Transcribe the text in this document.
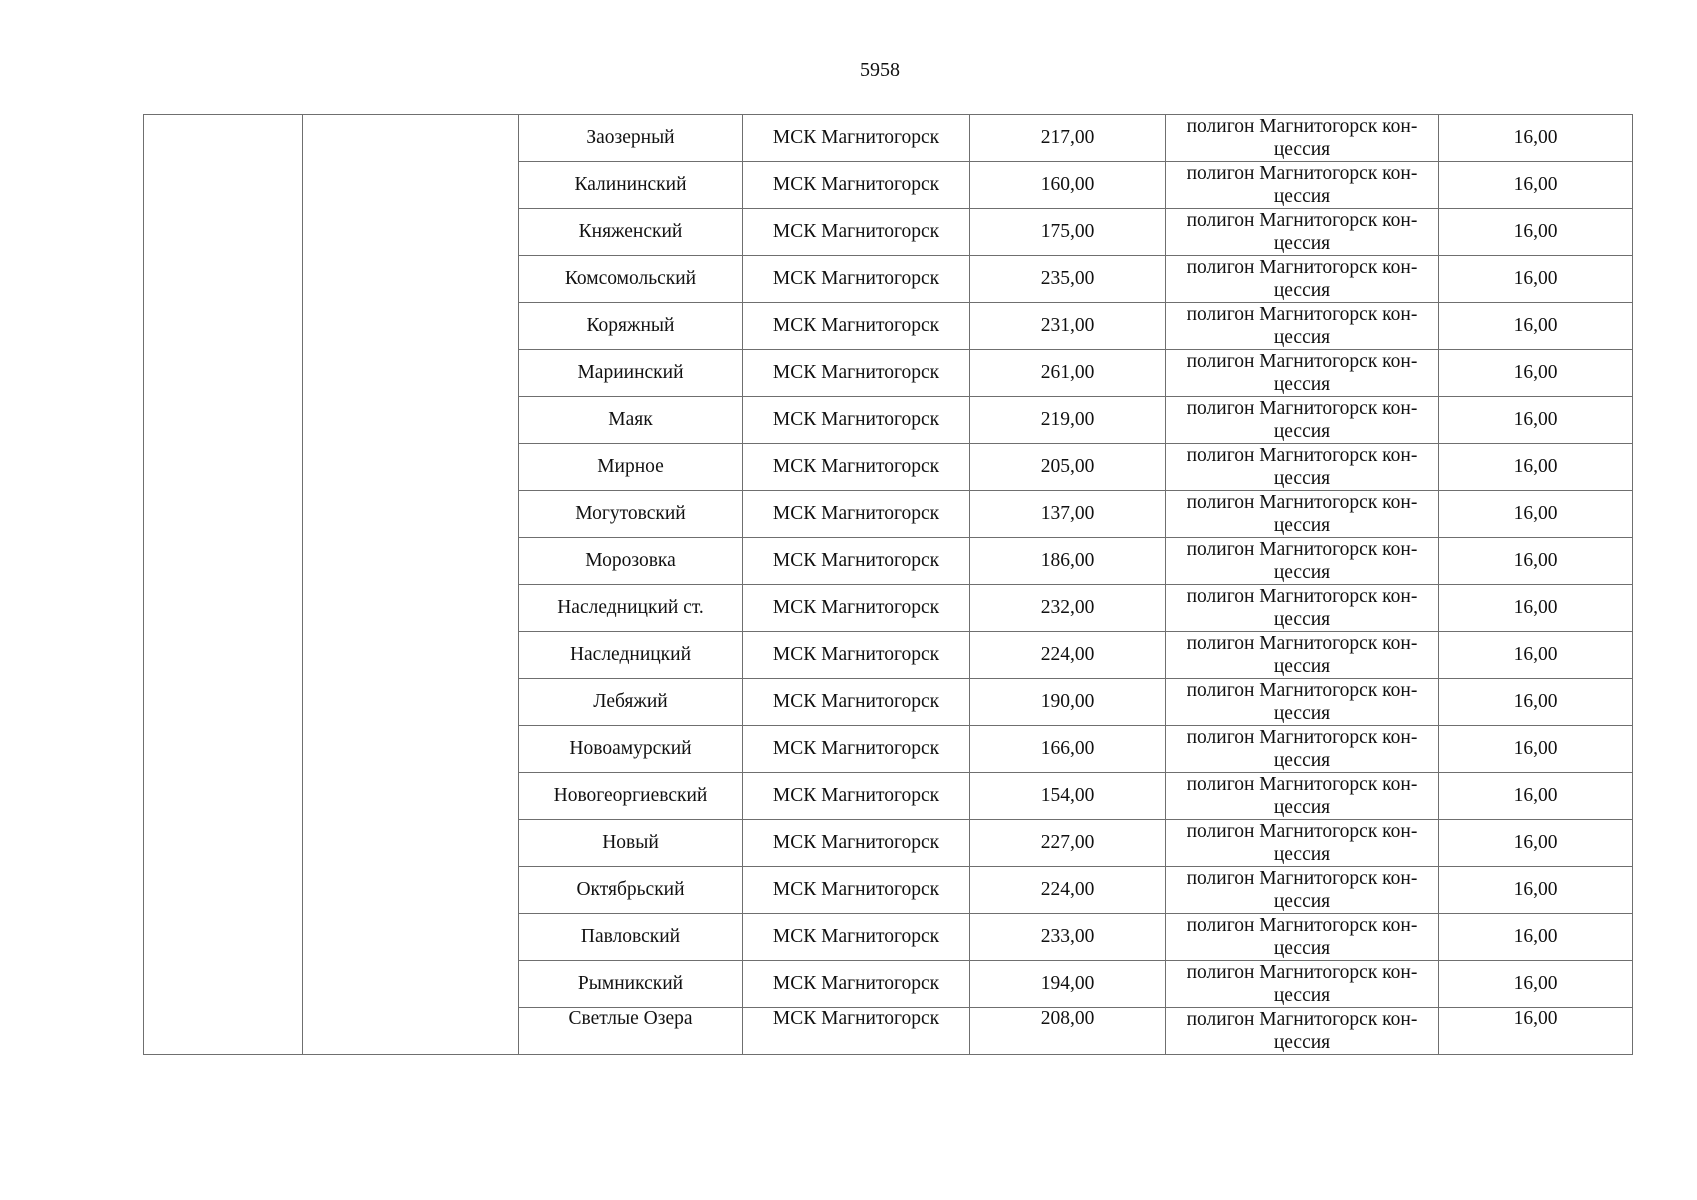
5958
		Заозерный	МСК Магнитогорск	217,00	полигон Магнитогорск кон-цессия	16,00
		Калининский	МСК Магнитогорск	160,00	полигон Магнитогорск кон-цессия	16,00
		Княженский	МСК Магнитогорск	175,00	полигон Магнитогорск кон-цессия	16,00
		Комсомольский	МСК Магнитогорск	235,00	полигон Магнитогорск кон-цессия	16,00
		Коряжный	МСК Магнитогорск	231,00	полигон Магнитогорск кон-цессия	16,00
		Мариинский	МСК Магнитогорск	261,00	полигон Магнитогорск кон-цессия	16,00
		Маяк	МСК Магнитогорск	219,00	полигон Магнитогорск кон-цессия	16,00
		Мирное	МСК Магнитогорск	205,00	полигон Магнитогорск кон-цессия	16,00
		Могутовский	МСК Магнитогорск	137,00	полигон Магнитогорск кон-цессия	16,00
		Морозовка	МСК Магнитогорск	186,00	полигон Магнитогорск кон-цессия	16,00
		Наследницкий ст.	МСК Магнитогорск	232,00	полигон Магнитогорск кон-цессия	16,00
		Наследницкий	МСК Магнитогорск	224,00	полигон Магнитогорск кон-цессия	16,00
		Лебяжий	МСК Магнитогорск	190,00	полигон Магнитогорск кон-цессия	16,00
		Новоамурский	МСК Магнитогорск	166,00	полигон Магнитогорск кон-цессия	16,00
		Новогеоргиевский	МСК Магнитогорск	154,00	полигон Магнитогорск кон-цессия	16,00
		Новый	МСК Магнитогорск	227,00	полигон Магнитогорск кон-цессия	16,00
		Октябрьский	МСК Магнитогорск	224,00	полигон Магнитогорск кон-цессия	16,00
		Павловский	МСК Магнитогорск	233,00	полигон Магнитогорск кон-цессия	16,00
		Рымникский	МСК Магнитогорск	194,00	полигон Магнитогорск кон-цессия	16,00
		Светлые Озера	МСК Магнитогорск	208,00	полигон Магнитогорск кон-цессия	16,00
